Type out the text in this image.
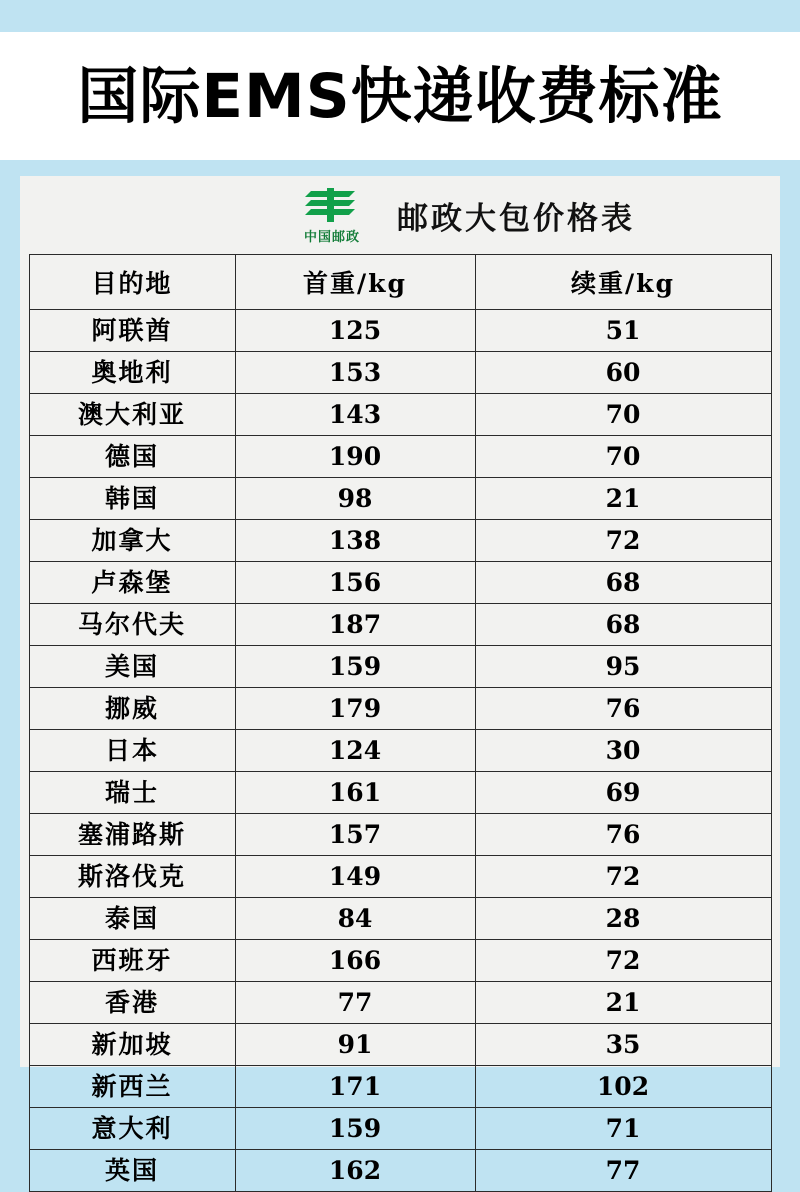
国际EMS快递收费标准
中国邮政
邮政大包价格表
目的地	首重/kg	续重/kg
阿联酋	125	51
奥地利	153	60
澳大利亚	143	70
德国	190	70
韩国	98	21
加拿大	138	72
卢森堡	156	68
马尔代夫	187	68
美国	159	95
挪威	179	76
日本	124	30
瑞士	161	69
塞浦路斯	157	76
斯洛伐克	149	72
泰国	84	28
西班牙	166	72
香港	77	21
新加坡	91	35
新西兰	171	102
意大利	159	71
英国	162	77
